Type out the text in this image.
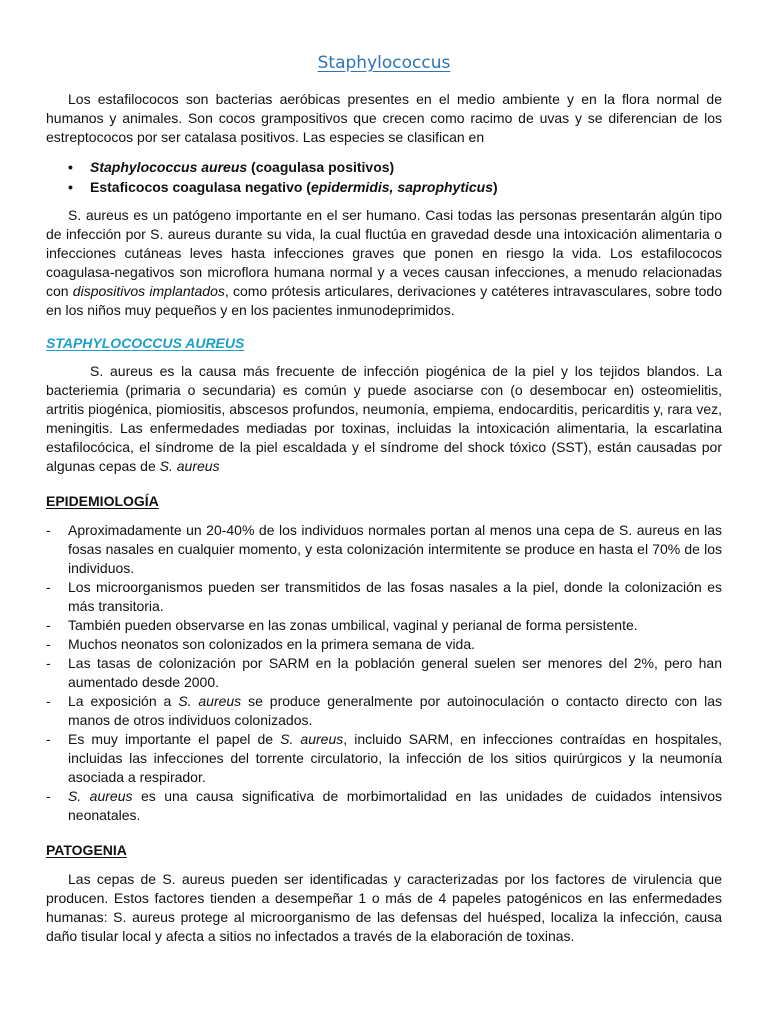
Staphylococcus

Los estafilococos son bacterias aeróbicas presentes en el medio ambiente y en la flora normal de humanos y animales. Son cocos grampositivos que crecen como racimo de uvas y se diferencian de los estreptococos por ser catalasa positivos. Las especies se clasifican en

• Staphylococcus aureus (coagulasa positivos)
• Estaficocos coagulasa negativo (epidermidis, saprophyticus)

S. aureus es un patógeno importante en el ser humano. Casi todas las personas presentarán algún tipo de infección por S. aureus durante su vida, la cual fluctúa en gravedad desde una intoxicación alimentaria o infecciones cutáneas leves hasta infecciones graves que ponen en riesgo la vida. Los estafilococos coagulasa-negativos son microflora humana normal y a veces causan infecciones, a menudo relacionadas con dispositivos implantados, como prótesis articulares, derivaciones y catéteres intravasculares, sobre todo en los niños muy pequeños y en los pacientes inmunodeprimidos.

STAPHYLOCOCCUS AUREUS

S. aureus es la causa más frecuente de infección piogénica de la piel y los tejidos blandos. La bacteriemia (primaria o secundaria) es común y puede asociarse con (o desembocar en) osteomielitis, artritis piogénica, piomiositis, abscesos profundos, neumonía, empiema, endocarditis, pericarditis y, rara vez, meningitis. Las enfermedades mediadas por toxinas, incluidas la intoxicación alimentaria, la escarlatina estafilocócica, el síndrome de la piel escaldada y el síndrome del shock tóxico (SST), están causadas por algunas cepas de S. aureus

EPIDEMIOLOGÍA
- Aproximadamente un 20-40% de los individuos normales portan al menos una cepa de S. aureus en las fosas nasales en cualquier momento, y esta colonización intermitente se produce en hasta el 70% de los individuos.
- Los microorganismos pueden ser transmitidos de las fosas nasales a la piel, donde la colonización es más transitoria.
- También pueden observarse en las zonas umbilical, vaginal y perianal de forma persistente.
- Muchos neonatos son colonizados en la primera semana de vida.
- Las tasas de colonización por SARM en la población general suelen ser menores del 2%, pero han aumentado desde 2000.
- La exposición a S. aureus se produce generalmente por autoinoculación o contacto directo con las manos de otros individuos colonizados.
- Es muy importante el papel de S. aureus, incluido SARM, en infecciones contraídas en hospitales, incluidas las infecciones del torrente circulatorio, la infección de los sitios quirúrgicos y la neumonía asociada a respirador.
- S. aureus es una causa significativa de morbimortalidad en las unidades de cuidados intensivos neonatales.
PATOGENIA

Las cepas de S. aureus pueden ser identificadas y caracterizadas por los factores de virulencia que producen. Estos factores tienden a desempeñar 1 o más de 4 papeles patogénicos en las enfermedades humanas: S. aureus protege al microorganismo de las defensas del huésped, localiza la infección, causa daño tisular local y afecta a sitios no infectados a través de la elaboración de toxinas.
